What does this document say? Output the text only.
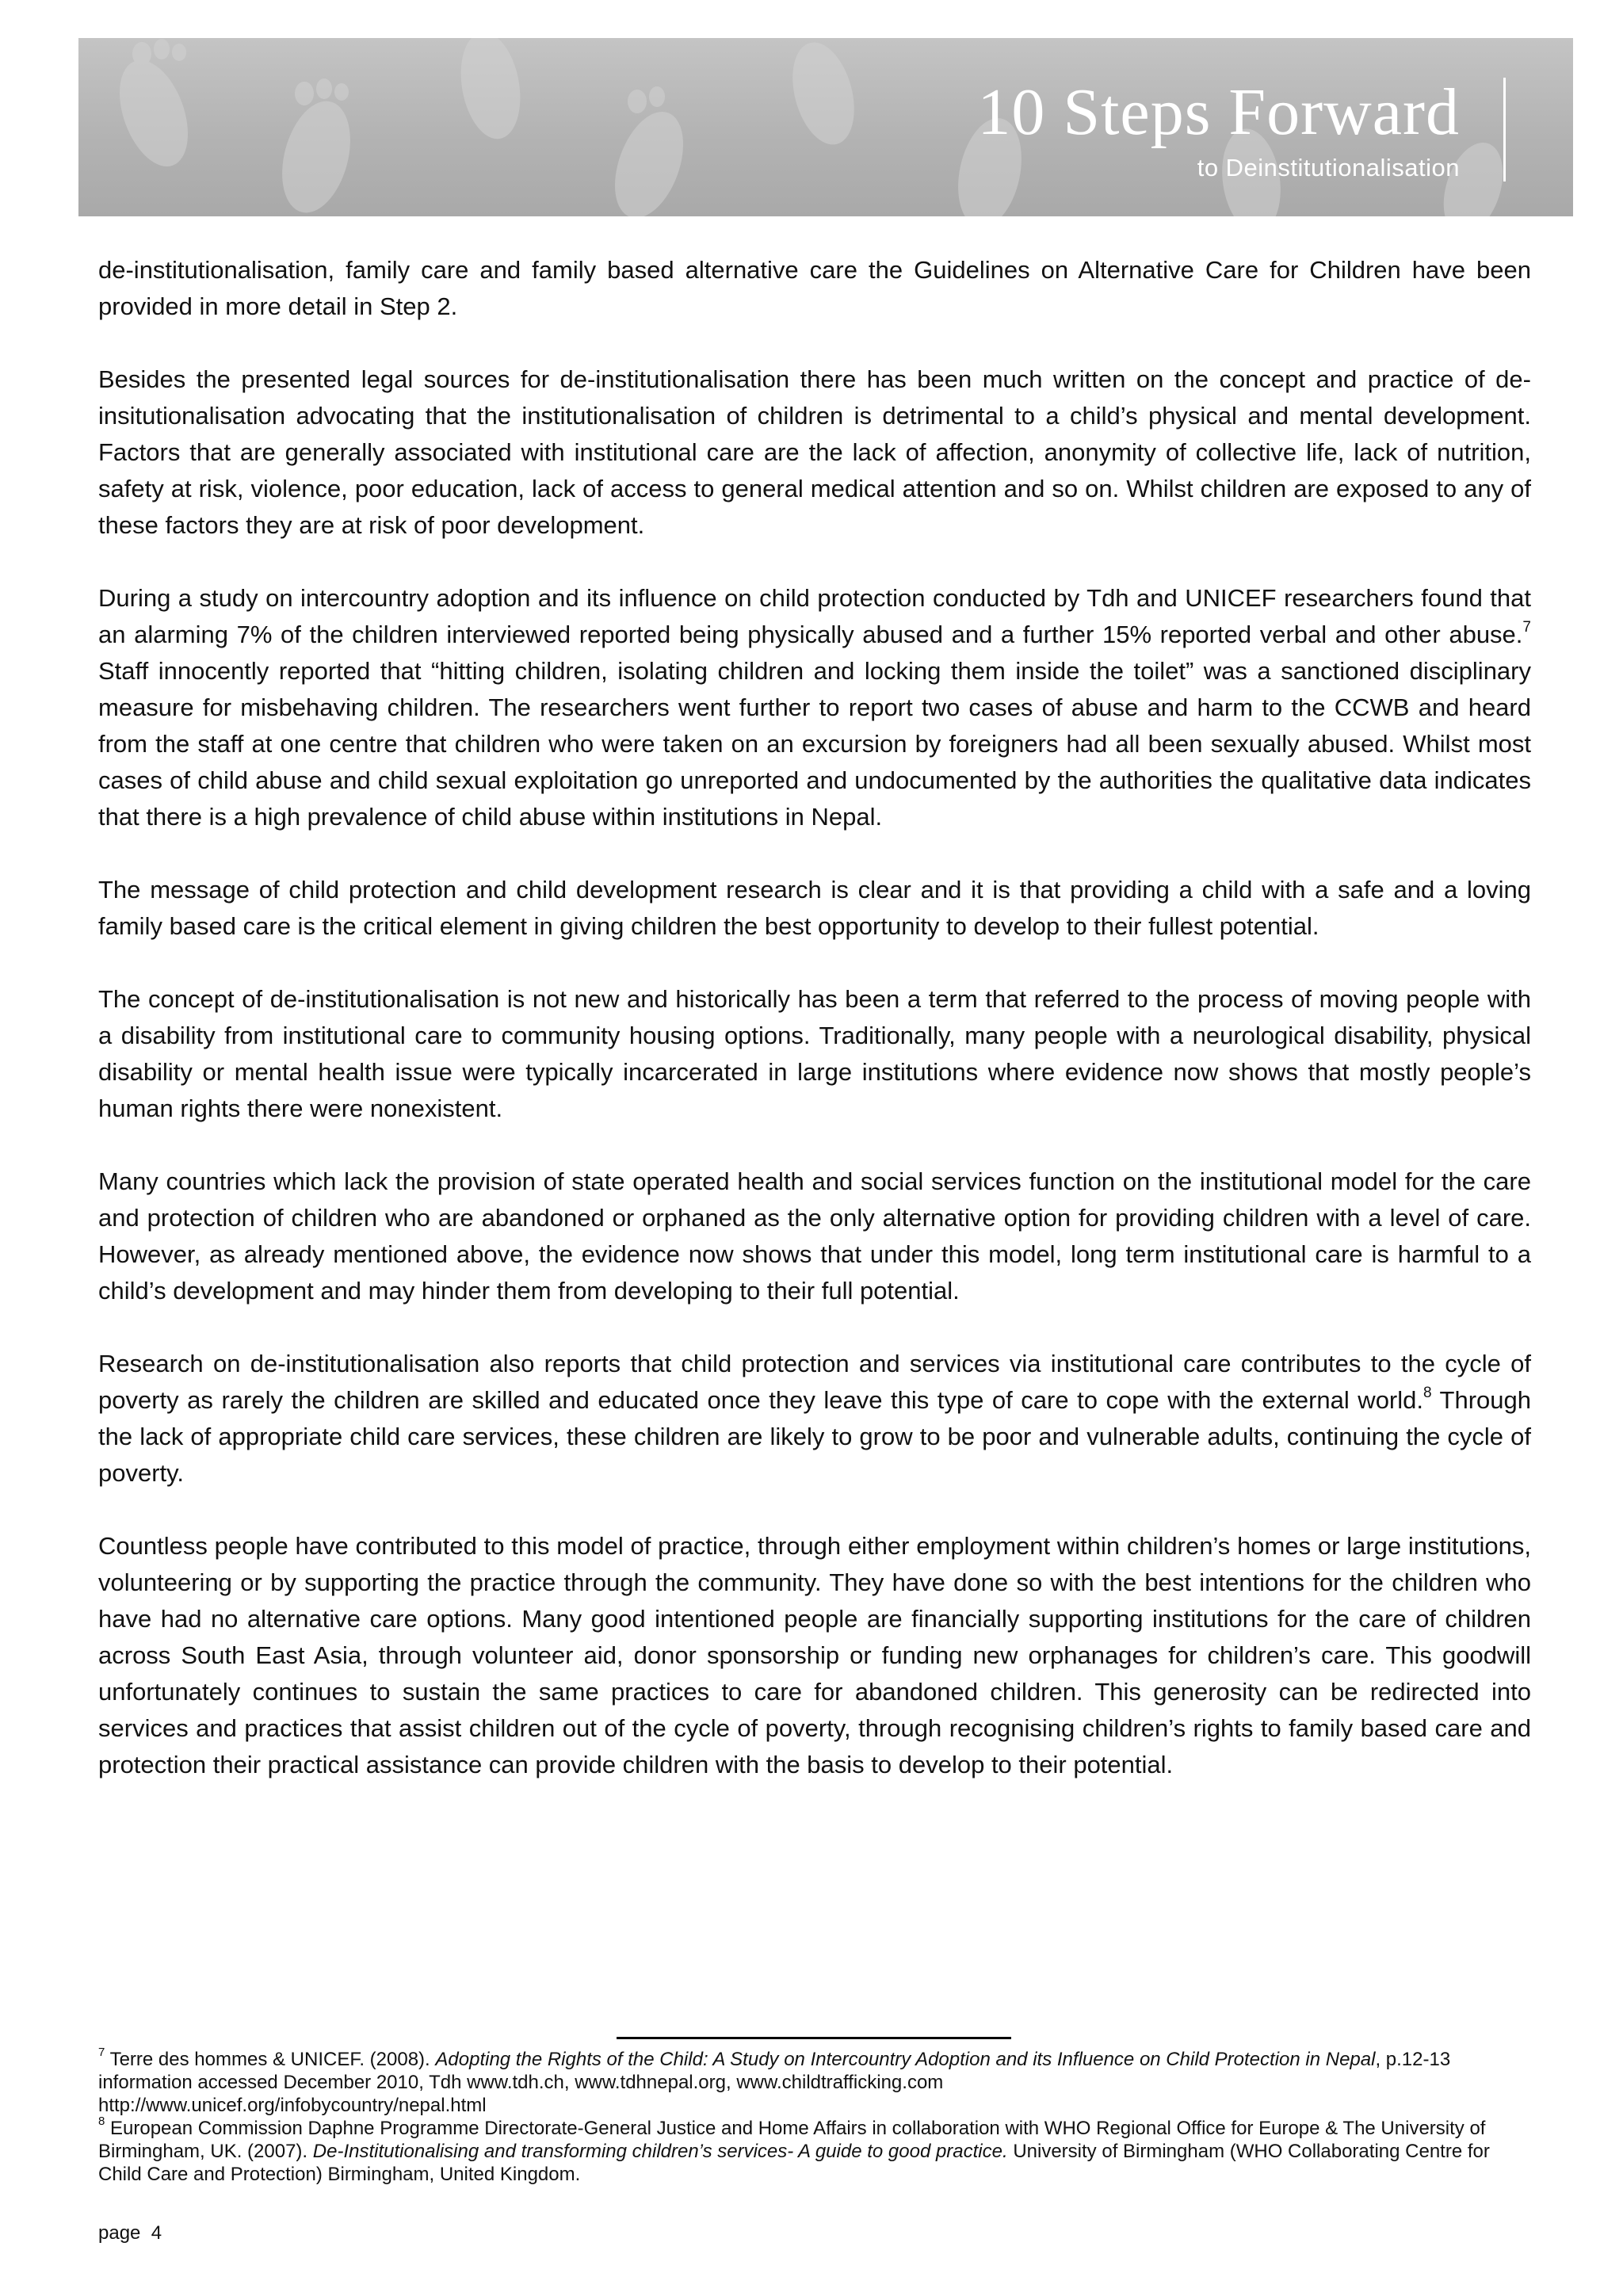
10 Steps Forward
to Deinstitutionalisation

de-institutionalisation, family care and family based alternative care the Guidelines on Alternative Care for Children have been provided in more detail in Step 2.

Besides the presented legal sources for de-institutionalisation there has been much written on the concept and practice of de- insitutionalisation advocating that the institutionalisation of children is detrimental to a child’s physical and mental development. Factors that are generally associated with institutional care are the lack of affection, anonymity of collective life, lack of nutrition, safety at risk, violence, poor education, lack of access to general medical attention and so on. Whilst children are exposed to any of these factors they are at risk of poor development.

During a study on intercountry adoption and its influence on child protection conducted by Tdh and UNICEF researchers found that an alarming 7% of the children interviewed reported being physically abused and a further 15% reported verbal and other abuse.$^7$ Staff innocently reported that “hitting children, isolating children and locking them inside the toilet” was a sanctioned disciplinary measure for misbehaving children. The researchers went further to report two cases of abuse and harm to the CCWB and heard from the staff at one centre that children who were taken on an excursion by foreigners had all been sexually abused. Whilst most cases of child abuse and child sexual exploitation go unreported and undocumented by the authorities the qualitative data indicates that there is a high prevalence of child abuse within institutions in Nepal.

The message of child protection and child development research is clear and it is that providing a child with a safe and a loving family based care is the critical element in giving children the best opportunity to develop to their fullest potential.

The concept of de-institutionalisation is not new and historically has been a term that referred to the process of moving people with a disability from institutional care to community housing options. Traditionally, many people with a neurological disability, physical disability or mental health issue were typically incarcerated in large institutions where evidence now shows that mostly people’s human rights there were nonexistent.

Many countries which lack the provision of state operated health and social services function on the institutional model for the care and protection of children who are abandoned or orphaned as the only alternative option for providing children with a level of care. However, as already mentioned above, the evidence now shows that under this model, long term institutional care is harmful to a child’s development and may hinder them from developing to their full potential.

Research on de-institutionalisation also reports that child protection and services via institutional care contributes to the cycle of poverty as rarely the children are skilled and educated once they leave this type of care to cope with the external world.$^8$ Through the lack of appropriate child care services, these children are likely to grow to be poor and vulnerable adults, continuing the cycle of poverty.

Countless people have contributed to this model of practice, through either employment within children’s homes or large institutions, volunteering or by supporting the practice through the community. They have done so with the best intentions for the children who have had no alternative care options. Many good intentioned people are financially supporting institutions for the care of children across South East Asia, through volunteer aid, donor sponsorship or funding new orphanages for children’s care. This goodwill unfortunately continues to sustain the same practices to care for abandoned children. This generosity can be redirected into services and practices that assist children out of the cycle of poverty, through recognising children’s rights to family based care and protection their practical assistance can provide children with the basis to develop to their potential.

$^7$ Terre des hommes & UNICEF. (2008). Adopting the Rights of the Child: A Study on Intercountry Adoption and its Influence on Child Protection in Nepal, p.12-13 information accessed December 2010, Tdh www.tdh.ch, www.tdhnepal.org, www.childtrafficking.com
http://www.unicef.org/infobycountry/nepal.html
$^8$ European Commission Daphne Programme Directorate-General Justice and Home Affairs in collaboration with WHO Regional Office for Europe & The University of Birmingham, UK. (2007). De-Institutionalising and transforming children’s services- A guide to good practice. University of Birmingham (WHO Collaborating Centre for Child Care and Protection) Birmingham, United Kingdom.
page  4
